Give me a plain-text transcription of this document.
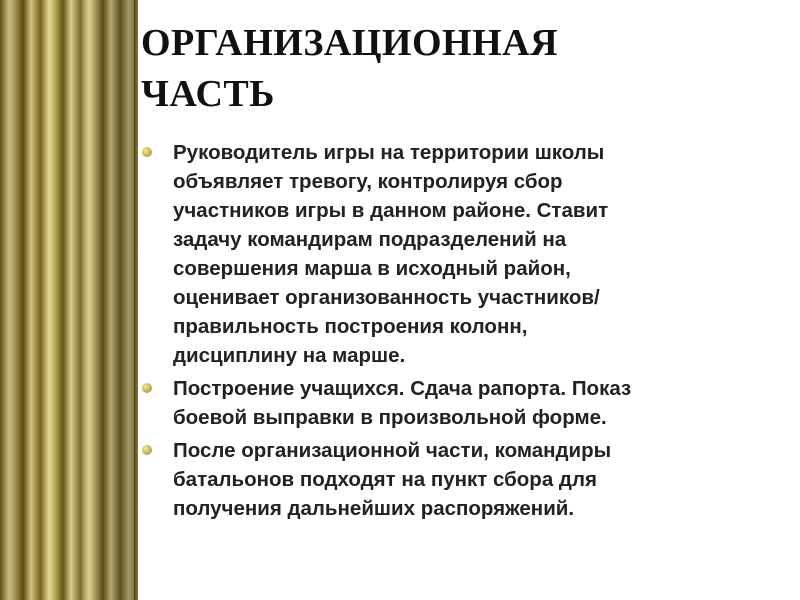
ОРГАНИЗАЦИОННАЯ
ЧАСТЬ
Руководитель игры на территории школы
объявляет тревогу, контролируя сбор
участников игры в данном районе. Ставит
задачу командирам подразделений на
совершения марша в исходный район,
оценивает организованность участников/
правильность построения колонн,
дисциплину на марше.
Построение учащихся. Сдача рапорта. Показ
боевой выправки в произвольной форме.
После организационной части, командиры
батальонов подходят на пункт сбора для
получения дальнейших распоряжений.
